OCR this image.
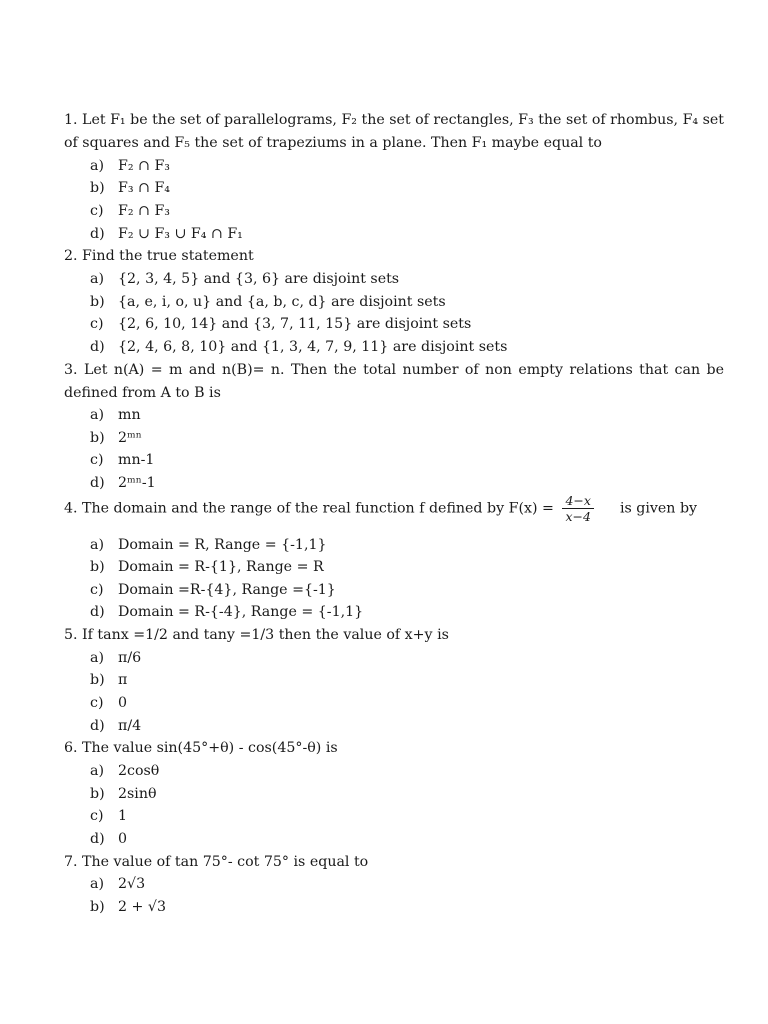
1. Let F₁ be the set of parallelograms, F₂ the set of rectangles, F₃ the set of rhombus, F₄ set of squares and F₅ the set of trapeziums in a plane. Then F₁ maybe equal to
a) F₂ ∩ F₃
b) F₃ ∩ F₄
c) F₂ ∩ F₃
d) F₂ ∪ F₃ ∪ F₄ ∩ F₁
2. Find the true statement
a) {2, 3, 4, 5} and {3, 6} are disjoint sets
b) {a, e, i, o, u} and {a, b, c, d} are disjoint sets
c) {2, 6, 10, 14} and {3, 7, 11, 15} are disjoint sets
d) {2, 4, 6, 8, 10} and {1, 3, 4, 7, 9, 11} are disjoint sets
3. Let n(A) = m and n(B)= n. Then the total number of non empty relations that can be defined from A to B is
a) mn
b) 2ᵐⁿ
c) mn-1
d) 2ᵐⁿ-1
4. The domain and the range of the real function f defined by $F(x) = \frac{4-x}{x-4}$ is given by
a) Domain = R, Range = {-1,1}
b) Domain = R-{1}, Range = R
c) Domain =R-{4}, Range ={-1}
d) Domain = R-{-4}, Range = {-1,1}
5. If tanx =1/2 and tany =1/3 then the value of x+y is
a) π/6
b) π
c) 0
d) π/4
6. The value sin(45°+θ) - cos(45°-θ) is
a) 2cosθ
b) 2sinθ
c) 1
d) 0
7. The value of tan 75°- cot 75° is equal to
a) 2√3
b) 2 + √3
